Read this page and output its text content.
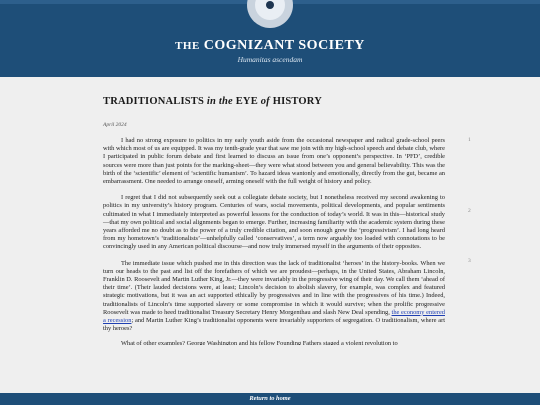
THE COGNIZANT SOCIETY
Humanitas ascendam
TRADITIONALISTS in the EYE of HISTORY
April 2024

I had no strong exposure to politics in my early youth aside from the occasional newspaper and radical grade-school peers with which most of us are equipped. It was my tenth-grade year that saw me join with my high-school speech and debate club, where I participated in public forum debate and first learned to discuss an issue from one’s opponent’s perspective. In ‘PFD’, credible sources were more than just points for the marking-sheet—they were what stood between you and general believability. This was the birth of the ‘scientific’ element of ‘scientific humanism’. To hazard ideas wantonly and emotionally, directly from the gut, became an embarrassment. One needed to arrange oneself, arming oneself with the full weight of history and policy.

I regret that I did not subsequently seek out a collegiate debate society, but I nonetheless received my second awakening to politics in my university’s history program. Centuries of wars, social movements, political developments, and popular sentiments cultimated in what I immediately interpreted as powerful lessons for the conduction of today’s world. It was in this—historical study—that my own political and social alignments began to emerge. Further, increasing familiarity with the academic system during these years afforded me no doubt as to the power of a truly credible citation, and soon enough grew the ‘progressivism’. I had long heard from my hometown’s ‘traditionalists’—unhelpfully called ‘conservatives’, a term now arguably too loaded with connotations to be convincingly used in any American political discourse—and now truly immersed myself in the arguments of their opposites.

The immediate issue which pushed me in this direction was the lack of traditionalist ‘heroes’ in the history-books. When we turn our heads to the past and list off the forefathers of which we are proudest—perhaps, in the United States, Abraham Lincoln, Franklin D. Roosevelt and Martin Luther King, Jr.—they were invariably in the progressive wing of their day. We call them ‘ahead of their time’. (Their lauded decisions were, at least; Lincoln’s decision to abolish slavery, for example, was complex and featured strategic motivations, but it was an act supported ethically by progressives and in line with the progressives of his time.) Indeed, traditionalists of Lincoln’s time supported slavery or some compromise in which it would survive; when the prolific progressive Roosevelt was made to heed traditionalist Treasury Secretary Henry Morgenthau and slash New Deal spending, the economy entered a recession; and Martin Luther King’s traditionalist opponents were invariably supporters of segregation. O traditionalism, where art thy heroes?

What of other examples? George Washington and his fellow Founding Fathers staged a violent revolution to

1
2
3
Return to home
